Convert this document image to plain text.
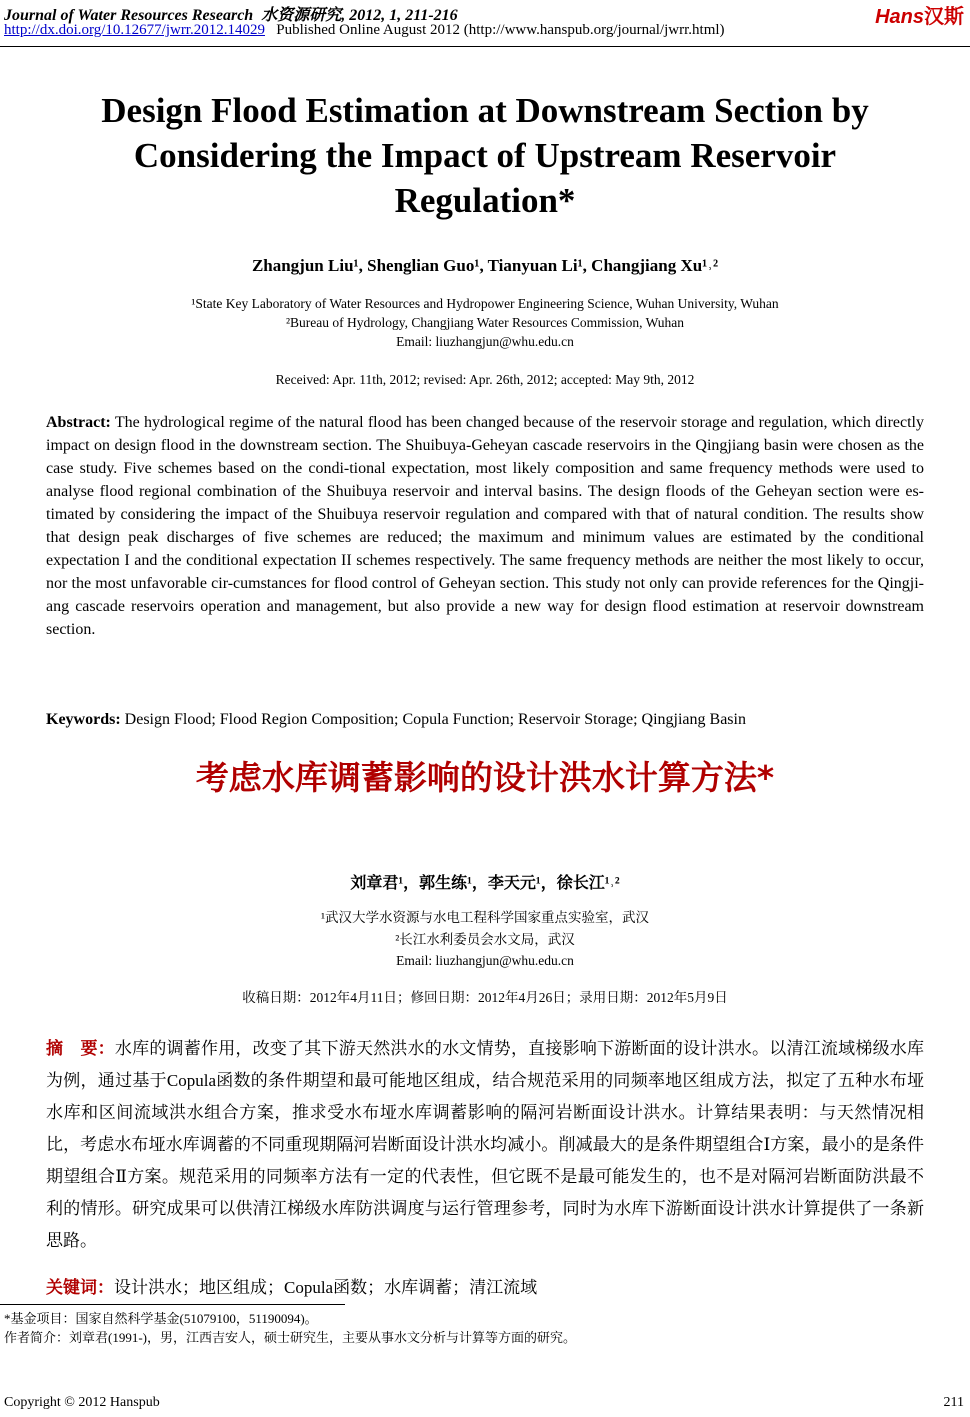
Journal of Water Resources Research 水资源研究, 2012, 1, 211-216
http://dx.doi.org/10.12677/jwrr.2012.14029 Published Online August 2012 (http://www.hanspub.org/journal/jwrr.html)
Hans汉斯
Design Flood Estimation at Downstream Section by Considering the Impact of Upstream Reservoir Regulation*
Zhangjun Liu¹, Shenglian Guo¹, Tianyuan Li¹, Changjiang Xu¹˒²
¹State Key Laboratory of Water Resources and Hydropower Engineering Science, Wuhan University, Wuhan
²Bureau of Hydrology, Changjiang Water Resources Commission, Wuhan
Email: liuzhangjun@whu.edu.cn
Received: Apr. 11th, 2012; revised: Apr. 26th, 2012; accepted: May 9th, 2012
Abstract: The hydrological regime of the natural flood has been changed because of the reservoir storage and regulation, which directly impact on design flood in the downstream section. The Shuibuya-Geheyan cascade reservoirs in the Qingjiang basin were chosen as the case study. Five schemes based on the condi-tional expectation, most likely composition and same frequency methods were used to analyse flood regional combination of the Shuibuya reservoir and interval basins. The design floods of the Geheyan section were es-timated by considering the impact of the Shuibuya reservoir regulation and compared with that of natural condition. The results show that design peak discharges of five schemes are reduced; the maximum and minimum values are estimated by the conditional expectation I and the conditional expectation II schemes respectively. The same frequency methods are neither the most likely to occur, nor the most unfavorable cir-cumstances for flood control of Geheyan section. This study not only can provide references for the Qingji-ang cascade reservoirs operation and management, but also provide a new way for design flood estimation at reservoir downstream section.
Keywords: Design Flood; Flood Region Composition; Copula Function; Reservoir Storage; Qingjiang Basin
考虑水库调蓄影响的设计洪水计算方法*
刘章君¹，郭生练¹，李天元¹，徐长江¹˒²
¹武汉大学水资源与水电工程科学国家重点实验室，武汉
²长江水利委员会水文局，武汉
Email: liuzhangjun@whu.edu.cn
收稿日期：2012年4月11日；修回日期：2012年4月26日；录用日期：2012年5月9日
摘　要：水库的调蓄作用，改变了其下游天然洪水的水文情势，直接影响下游断面的设计洪水。以清江流域梯级水库为例，通过基于Copula函数的条件期望和最可能地区组成，结合规范采用的同频率地区组成方法，拟定了五种水布垭水库和区间流域洪水组合方案，推求受水布垭水库调蓄影响的隔河岩断面设计洪水。计算结果表明：与天然情况相比，考虑水布垭水库调蓄的不同重现期隔河岩断面设计洪水均减小。削减最大的是条件期望组合Ⅰ方案，最小的是条件期望组合Ⅱ方案。规范采用的同频率方法有一定的代表性，但它既不是最可能发生的，也不是对隔河岩断面防洪最不利的情形。研究成果可以供清江梯级水库防洪调度与运行管理参考，同时为水库下游断面设计洪水计算提供了一条新思路。
关键词：设计洪水；地区组成；Copula函数；水库调蓄；清江流域
*基金项目：国家自然科学基金(51079100，51190094)。
作者简介：刘章君(1991-)，男，江西吉安人，硕士研究生，主要从事水文分析与计算等方面的研究。
Copyright © 2012 Hanspub	211
